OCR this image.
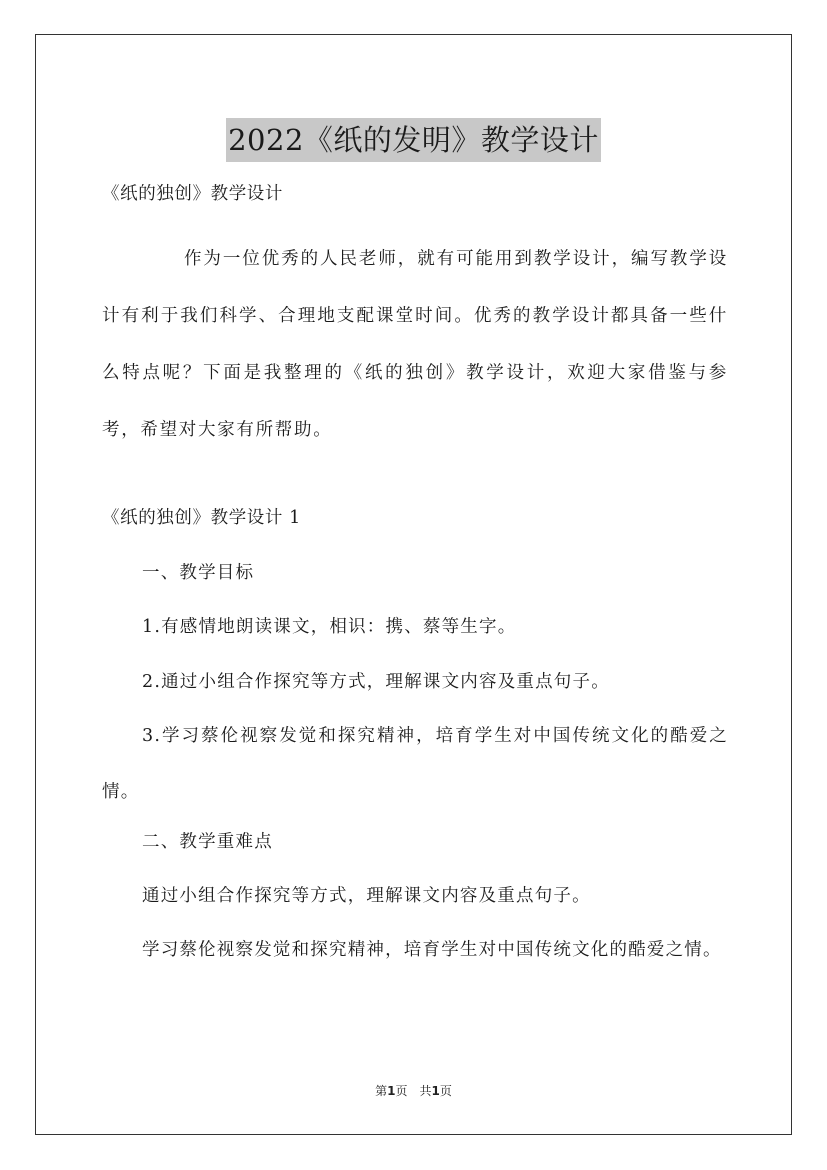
2022《纸的发明》教学设计

《纸的独创》教学设计

作为一位优秀的人民老师，就有可能用到教学设计，编写教学设计有利于我们科学、合理地支配课堂时间。优秀的教学设计都具备一些什么特点呢？下面是我整理的《纸的独创》教学设计，欢迎大家借鉴与参考，希望对大家有所帮助。

《纸的独创》教学设计 1

一、教学目标

1.有感情地朗读课文，相识：携、蔡等生字。

2.通过小组合作探究等方式，理解课文内容及重点句子。

3.学习蔡伦视察发觉和探究精神，培育学生对中国传统文化的酷爱之情。

二、教学重难点

通过小组合作探究等方式，理解课文内容及重点句子。

学习蔡伦视察发觉和探究精神，培育学生对中国传统文化的酷爱之情。

第1页 共1页
